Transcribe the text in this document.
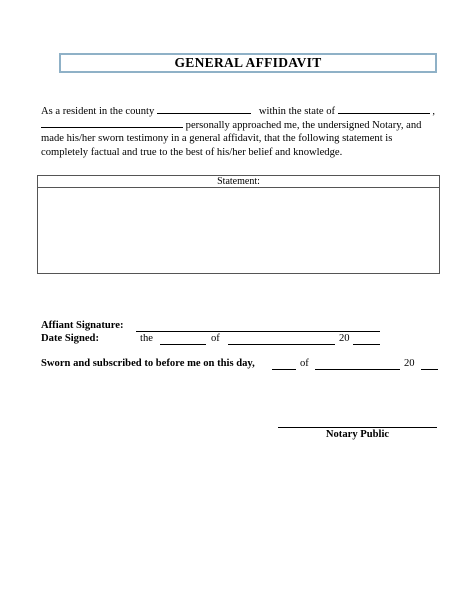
GENERAL AFFIDAVIT
As a resident in the county	within the state of	,
personally approached me, the undersigned Notary, and
made his/her sworn testimony in a general affidavit, that the following statement is
completely factual and true to the best of his/her belief and knowledge.
Statement:
Affiant Signature:
Date Signed:	the	of	20
Sworn and subscribed to before me on this day,	of	20
Notary Public
